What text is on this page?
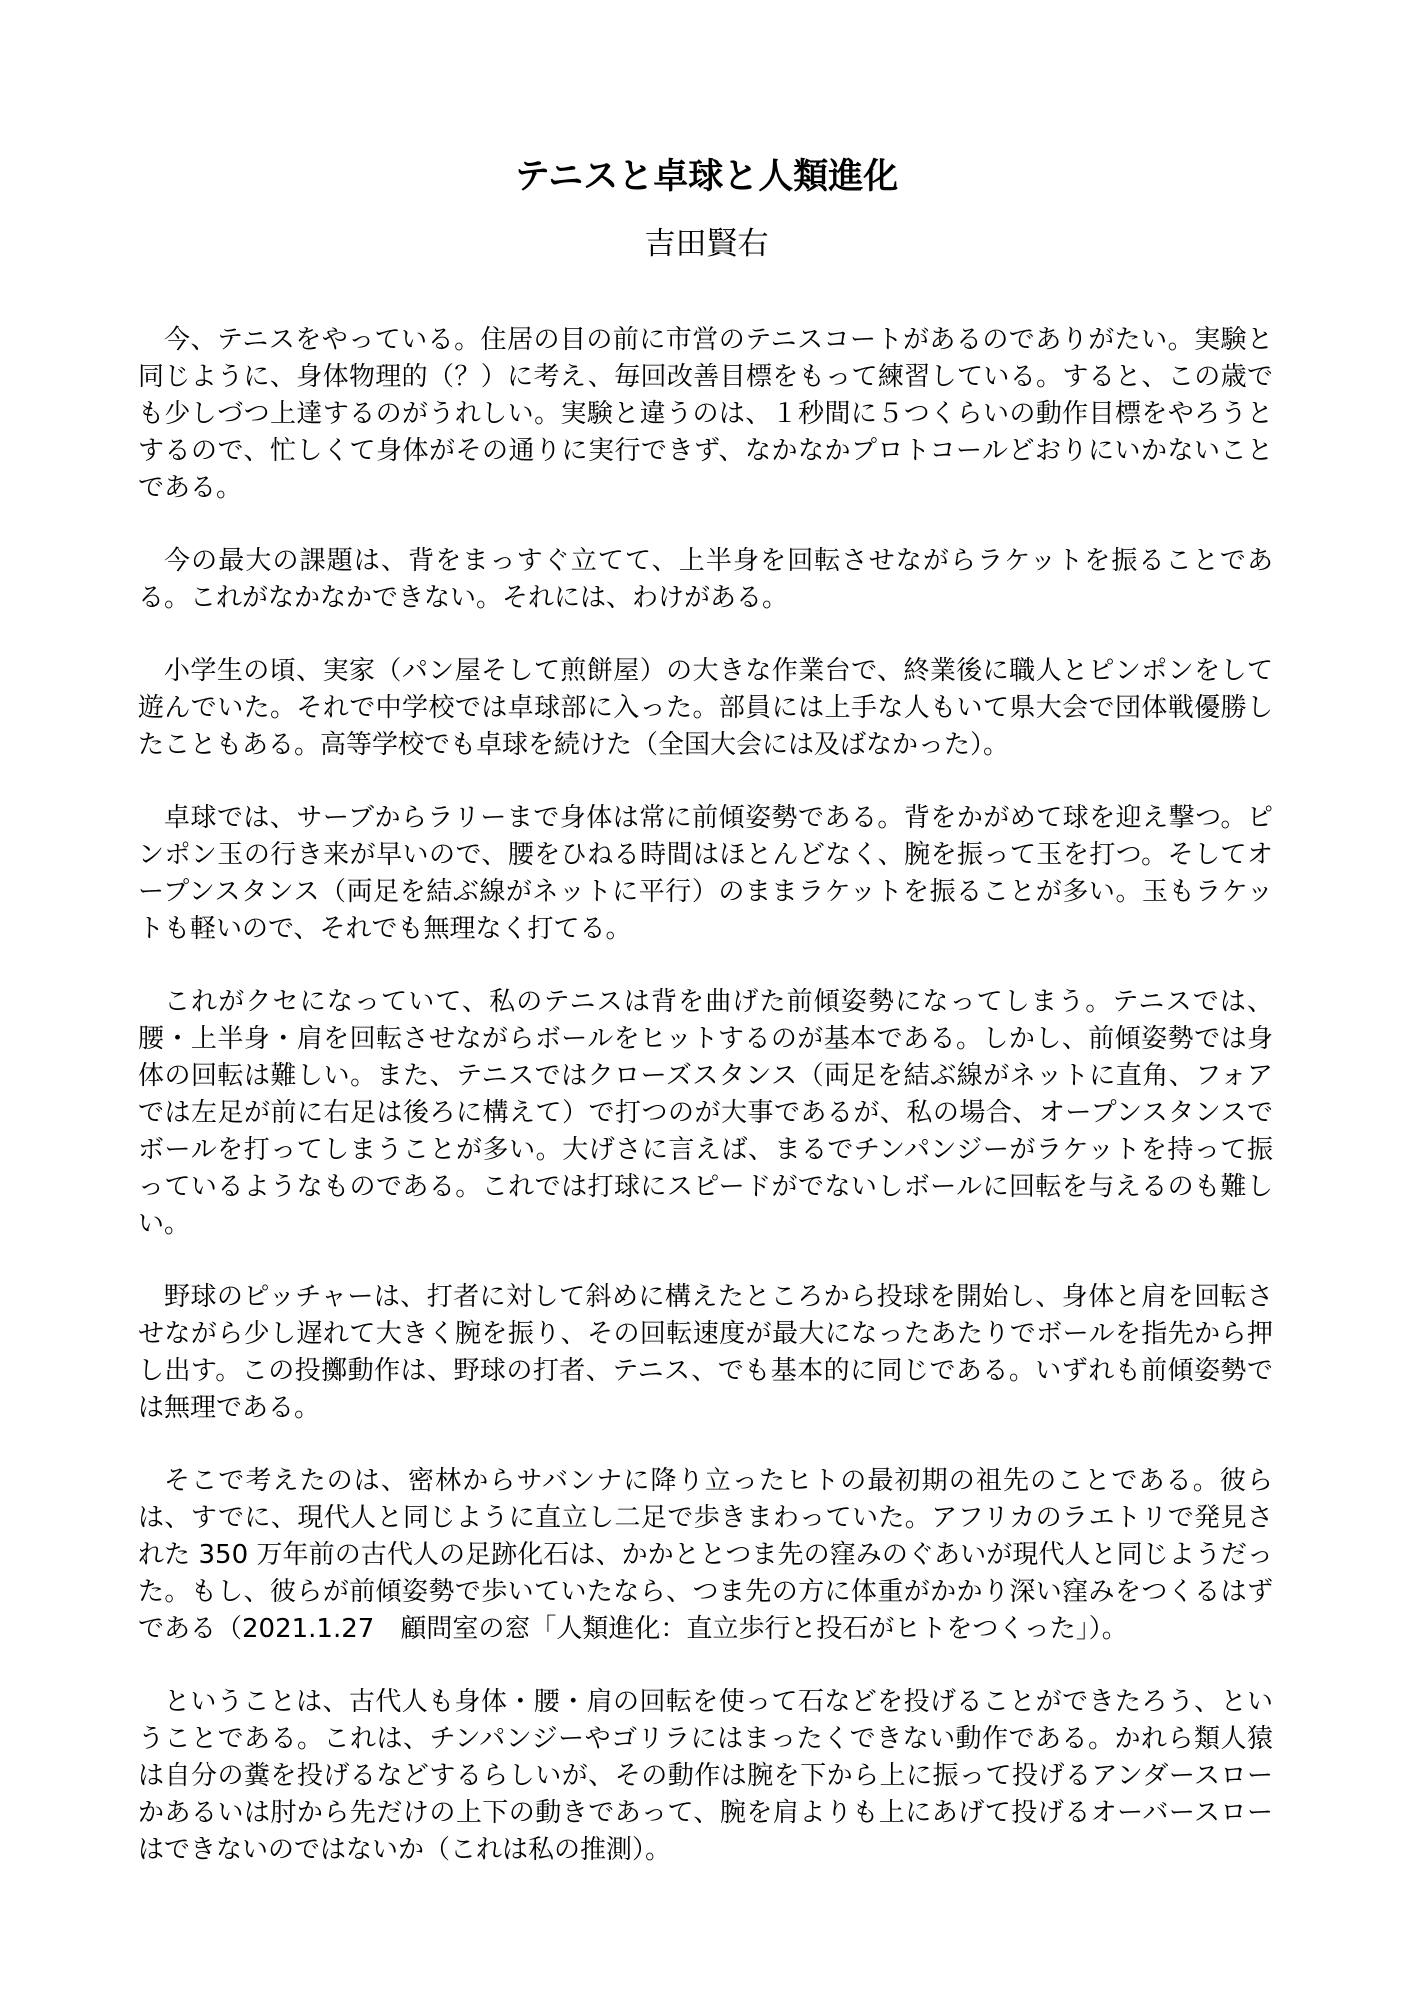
テニスと卓球と人類進化
吉田賢右

今、テニスをやっている。住居の目の前に市営のテニスコートがあるのでありがたい。実験と同じように、身体物理的（？）に考え、毎回改善目標をもって練習している。すると、この歳でも少しづつ上達するのがうれしい。実験と違うのは、１秒間に５つくらいの動作目標をやろうとするので、忙しくて身体がその通りに実行できず、なかなかプロトコールどおりにいかないことである。

今の最大の課題は、背をまっすぐ立てて、上半身を回転させながらラケットを振ることである。これがなかなかできない。それには、わけがある。

小学生の頃、実家（パン屋そして煎餅屋）の大きな作業台で、終業後に職人とピンポンをして遊んでいた。それで中学校では卓球部に入った。部員には上手な人もいて県大会で団体戦優勝したこともある。高等学校でも卓球を続けた（全国大会には及ばなかった）。

卓球では、サーブからラリーまで身体は常に前傾姿勢である。背をかがめて球を迎え撃つ。ピンポン玉の行き来が早いので、腰をひねる時間はほとんどなく、腕を振って玉を打つ。そしてオープンスタンス（両足を結ぶ線がネットに平行）のままラケットを振ることが多い。玉もラケットも軽いので、それでも無理なく打てる。

これがクセになっていて、私のテニスは背を曲げた前傾姿勢になってしまう。テニスでは、腰・上半身・肩を回転させながらボールをヒットするのが基本である。しかし、前傾姿勢では身体の回転は難しい。また、テニスではクローズスタンス（両足を結ぶ線がネットに直角、フォアでは左足が前に右足は後ろに構えて）で打つのが大事であるが、私の場合、オープンスタンスでボールを打ってしまうことが多い。大げさに言えば、まるでチンパンジーがラケットを持って振っているようなものである。これでは打球にスピードがでないしボールに回転を与えるのも難しい。

野球のピッチャーは、打者に対して斜めに構えたところから投球を開始し、身体と肩を回転させながら少し遅れて大きく腕を振り、その回転速度が最大になったあたりでボールを指先から押し出す。この投擲動作は、野球の打者、テニス、でも基本的に同じである。いずれも前傾姿勢では無理である。

そこで考えたのは、密林からサバンナに降り立ったヒトの最初期の祖先のことである。彼らは、すでに、現代人と同じように直立し二足で歩きまわっていた。アフリカのラエトリで発見された 350 万年前の古代人の足跡化石は、かかととつま先の窪みのぐあいが現代人と同じようだった。もし、彼らが前傾姿勢で歩いていたなら、つま先の方に体重がかかり深い窪みをつくるはずである（2021.1.27　顧問室の窓「人類進化：直立歩行と投石がヒトをつくった」）。

ということは、古代人も身体・腰・肩の回転を使って石などを投げることができたろう、ということである。これは、チンパンジーやゴリラにはまったくできない動作である。かれら類人猿は自分の糞を投げるなどするらしいが、その動作は腕を下から上に振って投げるアンダースローかあるいは肘から先だけの上下の動きであって、腕を肩よりも上にあげて投げるオーバースローはできないのではないか（これは私の推測）。
